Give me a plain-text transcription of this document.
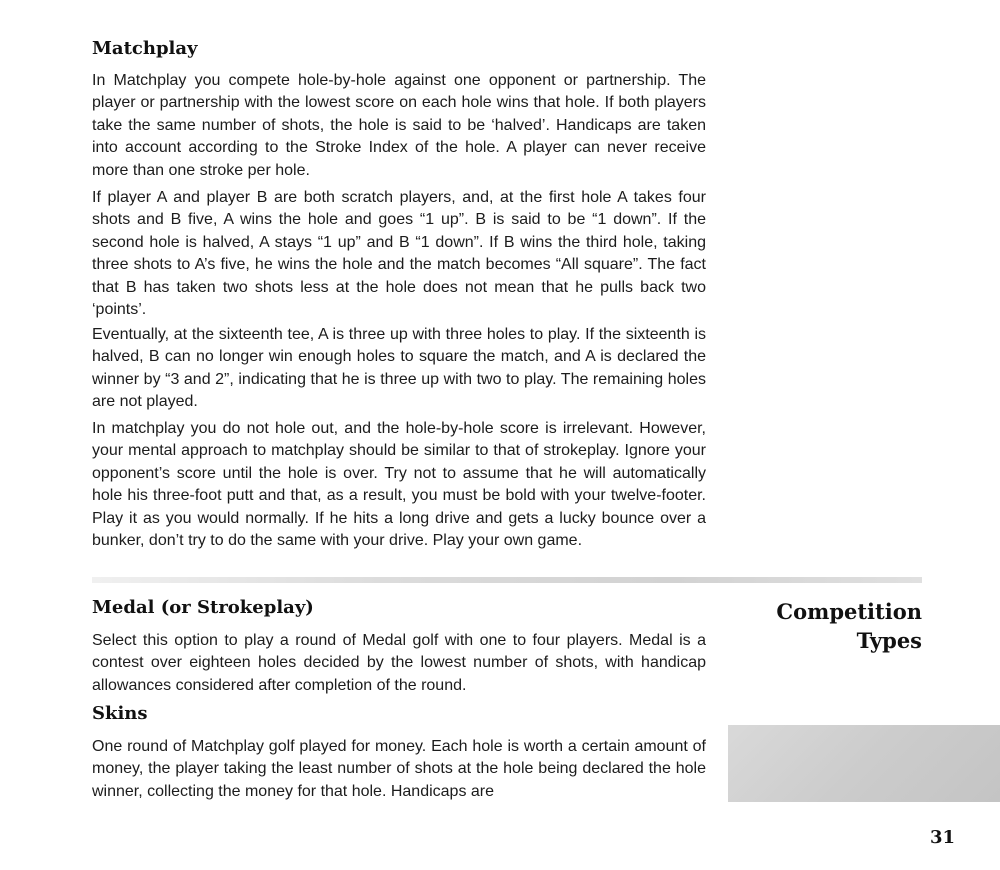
Matchplay

In Matchplay you compete hole-by-hole against one opponent or partnership. The player or partnership with the lowest score on each hole wins that hole. If both players take the same number of shots, the hole is said to be ‘halved’. Handicaps are taken into account according to the Stroke Index of the hole. A player can never receive more than one stroke per hole.

If player A and player B are both scratch players, and, at the first hole A takes four shots and B five, A wins the hole and goes “1 up”. B is said to be “1 down”. If the second hole is halved, A stays “1 up” and B “1 down”. If B wins the third hole, taking three shots to A’s five, he wins the hole and the match becomes “All square”. The fact that B has taken two shots less at the hole does not mean that he pulls back two ‘points’.

Eventually, at the sixteenth tee, A is three up with three holes to play. If the sixteenth is halved, B can no longer win enough holes to square the match, and A is declared the winner by “3 and 2”, indicating that he is three up with two to play. The remaining holes are not played.

In matchplay you do not hole out, and the hole-by-hole score is irrelevant. However, your mental approach to matchplay should be similar to that of strokeplay. Ignore your opponent’s score until the hole is over. Try not to assume that he will automatically hole his three-foot putt and that, as a result, you must be bold with your twelve-footer. Play it as you would normally. If he hits a long drive and gets a lucky bounce over a bunker, don’t try to do the same with your drive. Play your own game.

Medal (or Strokeplay)

Select this option to play a round of Medal golf with one to four players. Medal is a contest over eighteen holes decided by the lowest number of shots, with handicap allowances considered after completion of the round.

Skins

One round of Matchplay golf played for money. Each hole is worth a certain amount of money, the player taking the least number of shots at the hole being declared the hole winner, collecting the money for that hole. Handicaps are

Competition
Types
31
